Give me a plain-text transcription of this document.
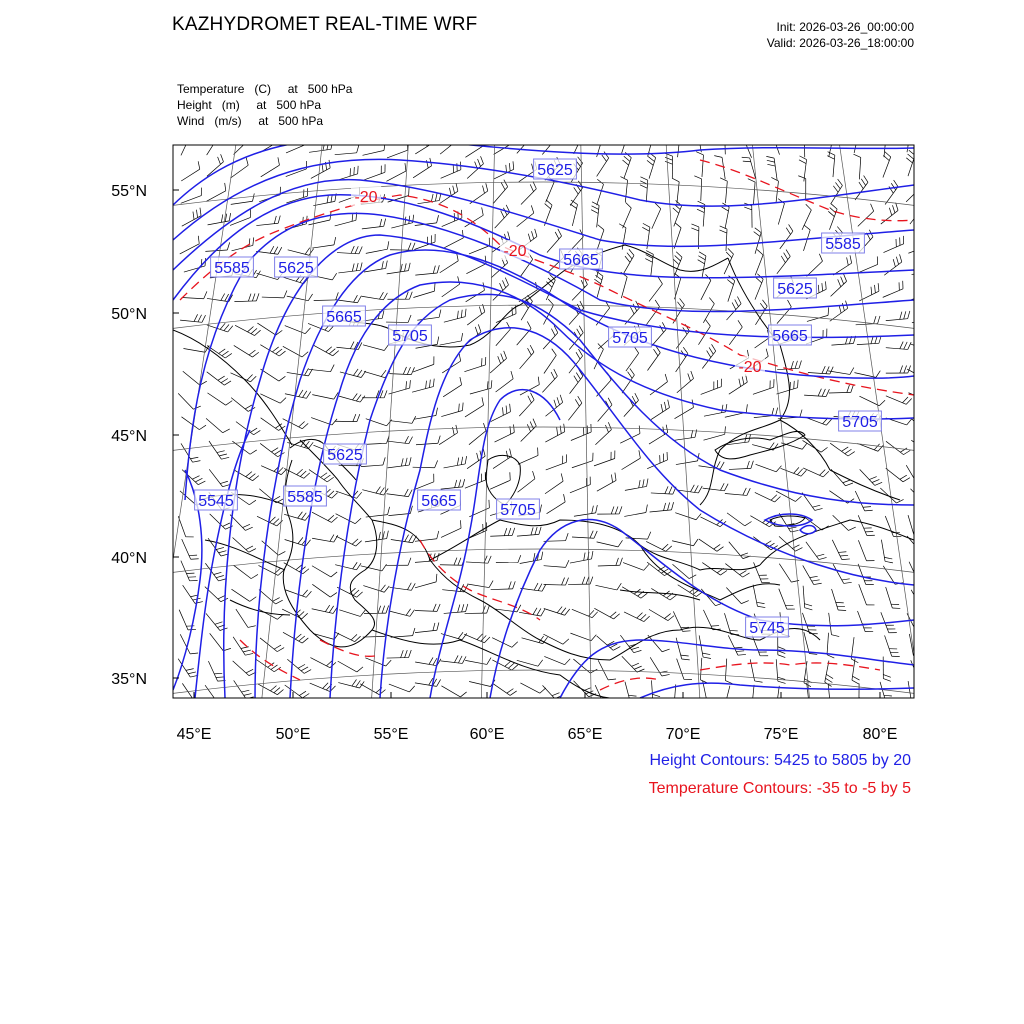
KAZHYDROMET REAL-TIME WRF	Init: 2026-03-26_00:00:00
Valid: 2026-03-26_18:00:00
Temperature (C) at   500 hPa
Height (m) at   500 hPa
Wind (m/s) at   500 hPa
5625
5585 5625
5665
5705
5665
5705
5585
5625
5665
5705
5625
5545	5585	5665
5705
5745
-20
-20
-20
55°N
50°N
45°N
40°N
35°N
45°E	50°E	55°E	60°E	65°E	70°E	75°E	80°E
Height Contours: 5425 to 5805 by 20
Temperature Contours: -35 to -5 by 5
